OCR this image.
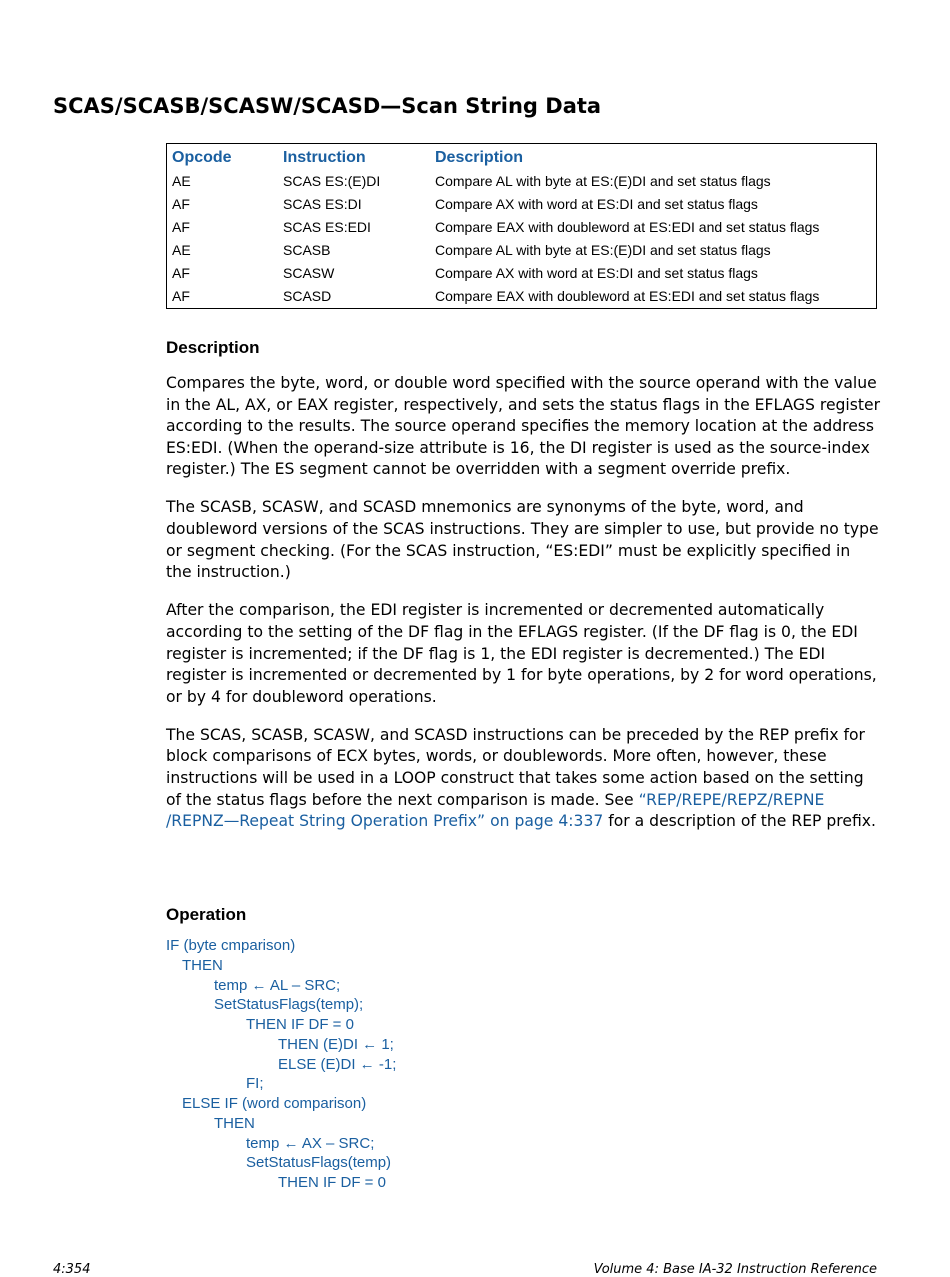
SCAS/SCASB/SCASW/SCASD—Scan String Data
Opcode	Instruction	Description
AE	SCAS ES:(E)DI	Compare AL with byte at ES:(E)DI and set status flags
AF	SCAS ES:DI	Compare AX with word at ES:DI and set status flags
AF	SCAS ES:EDI	Compare EAX with doubleword at ES:EDI and set status flags
AE	SCASB	Compare AL with byte at ES:(E)DI and set status flags
AF	SCASW	Compare AX with word at ES:DI and set status flags
AF	SCASD	Compare EAX with doubleword at ES:EDI and set status flags
Description

Compares the byte, word, or double word specified with the source operand with the value in the AL, AX, or EAX register, respectively, and sets the status flags in the EFLAGS register according to the results. The source operand specifies the memory location at the address ES:EDI. (When the operand-size attribute is 16, the DI register is used as the source-index register.) The ES segment cannot be overridden with a segment override prefix.

The SCASB, SCASW, and SCASD mnemonics are synonyms of the byte, word, and doubleword versions of the SCAS instructions. They are simpler to use, but provide no type or segment checking. (For the SCAS instruction, “ES:EDI” must be explicitly specified in the instruction.)

After the comparison, the EDI register is incremented or decremented automatically according to the setting of the DF flag in the EFLAGS register. (If the DF flag is 0, the EDI register is incremented; if the DF flag is 1, the EDI register is decremented.) The EDI register is incremented or decremented by 1 for byte operations, by 2 for word operations, or by 4 for doubleword operations.

The SCAS, SCASB, SCASW, and SCASD instructions can be preceded by the REP prefix for block comparisons of ECX bytes, words, or doublewords. More often, however, these instructions will be used in a LOOP construct that takes some action based on the setting of the status flags before the next comparison is made. See “REP/REPE/REPZ/REPNE /REPNZ—Repeat String Operation Prefix” on page 4:337 for a description of the REP prefix.

Operation
IF (byte cmparison)
THEN
temp ← AL – SRC;
SetStatusFlags(temp);
THEN IF DF = 0
THEN (E)DI ← 1;
ELSE (E)DI ← -1;
FI;
ELSE IF (word comparison)
THEN
temp ← AX – SRC;
SetStatusFlags(temp)
THEN IF DF = 0
4:354	Volume 4: Base IA-32 Instruction Reference
